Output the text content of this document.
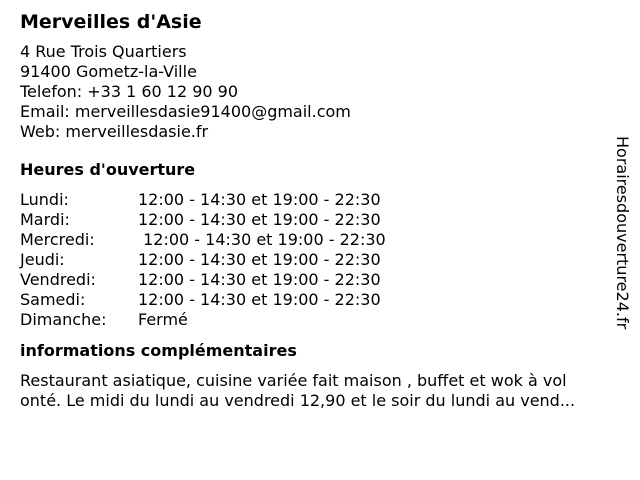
Merveilles d'Asie
4 Rue Trois Quartiers
91400 Gometz-la-Ville
Telefon: +33 1 60 12 90 90
Email: merveillesdasie91400@gmail.com
Web: merveillesdasie.fr
Heures d'ouverture
Lundi:	12:00 - 14:30 et 19:00 - 22:30
Mardi:	12:00 - 14:30 et 19:00 - 22:30
Mercredi:	12:00 - 14:30 et 19:00 - 22:30
Jeudi:	12:00 - 14:30 et 19:00 - 22:30
Vendredi:	12:00 - 14:30 et 19:00 - 22:30
Samedi:	12:00 - 14:30 et 19:00 - 22:30
Dimanche:	Fermé
informations complémentaires
Restaurant asiatique, cuisine variée fait maison , buffet et wok à vol
onté. Le midi du lundi au vendredi 12,90 et le soir du lundi au vend...
Horairesdouverture24.fr
